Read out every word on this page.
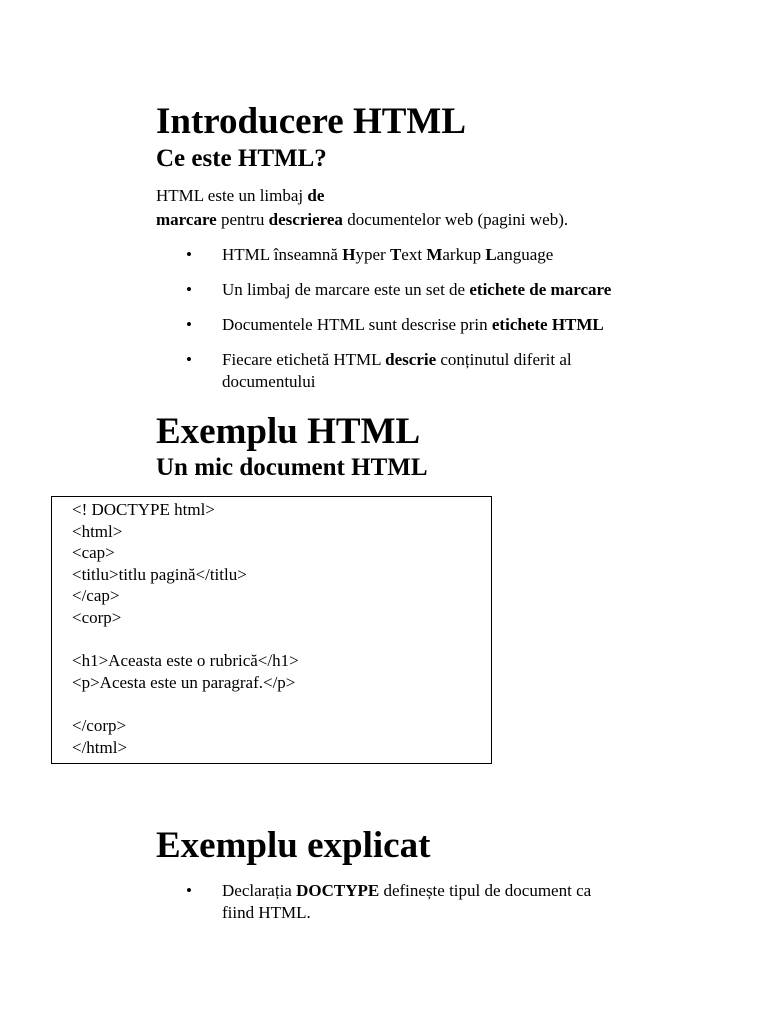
Introducere HTML
Ce este HTML?

HTML este un limbaj de
marcare pentru descrierea documentelor web (pagini web).

• HTML înseamnă Hyper Text Markup Language
• Un limbaj de marcare este un set de etichete de marcare
• Documentele HTML sunt descrise prin etichete HTML
• Fiecare etichetă HTML descrie conținutul diferit al
documentului
Exemplu HTML
Un mic document HTML
<! DOCTYPE html>
<html>
<cap>
<titlu>titlu pagină</titlu>
</cap>
<corp>
<h1>Aceasta este o rubrică</h1>
<p>Acesta este un paragraf.</p>
</corp>
</html>
Exemplu explicat
• Declarația DOCTYPE definește tipul de document ca
fiind HTML.
